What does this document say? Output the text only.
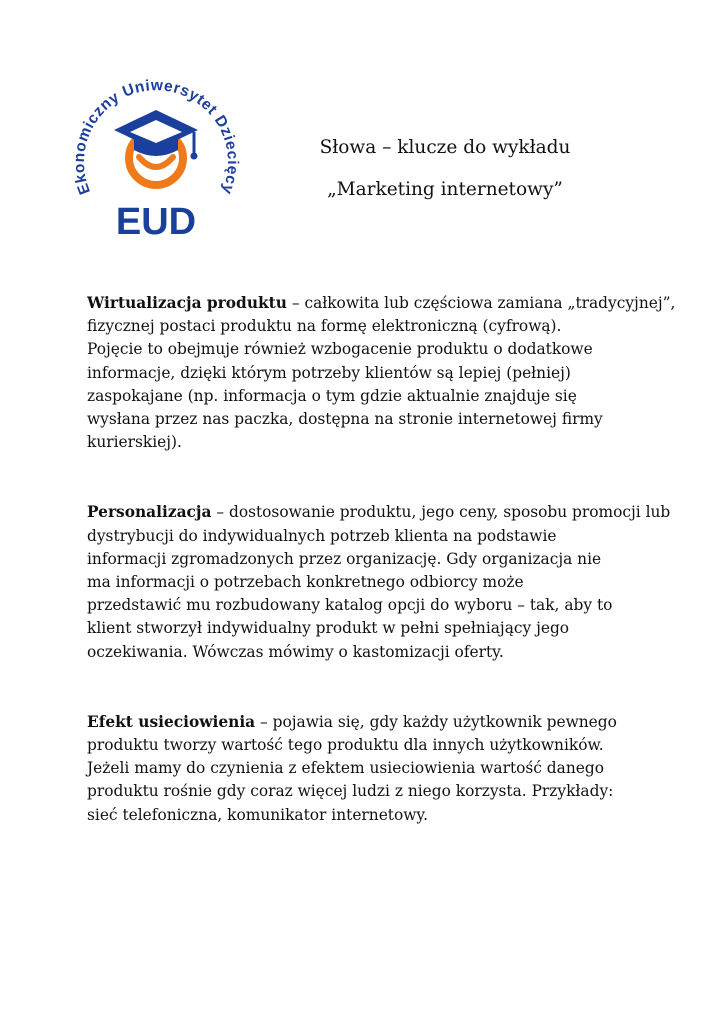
Ekonomiczny Uniwersytet Dziecięcy
EUD
Słowa – klucze do wykładu
„Marketing internetowy”

Wirtualizacja produktu – całkowita lub częściowa zamiana „tradycyjnej”,
fizycznej postaci produktu na formę elektroniczną (cyfrową).
Pojęcie to obejmuje również wzbogacenie produktu o dodatkowe
informacje, dzięki którym potrzeby klientów są lepiej (pełniej)
zaspokajane (np. informacja o tym gdzie aktualnie znajduje się
wysłana przez nas paczka, dostępna na stronie internetowej firmy
kurierskiej).

Personalizacja – dostosowanie produktu, jego ceny, sposobu promocji lub
dystrybucji do indywidualnych potrzeb klienta na podstawie
informacji zgromadzonych przez organizację. Gdy organizacja nie
ma informacji o potrzebach konkretnego odbiorcy może
przedstawić mu rozbudowany katalog opcji do wyboru – tak, aby to
klient stworzył indywidualny produkt w pełni spełniający jego
oczekiwania. Wówczas mówimy o kastomizacji oferty.

Efekt usieciowienia – pojawia się, gdy każdy użytkownik pewnego
produktu tworzy wartość tego produktu dla innych użytkowników.
Jeżeli mamy do czynienia z efektem usieciowienia wartość danego
produktu rośnie gdy coraz więcej ludzi z niego korzysta. Przykłady:
sieć telefoniczna, komunikator internetowy.
